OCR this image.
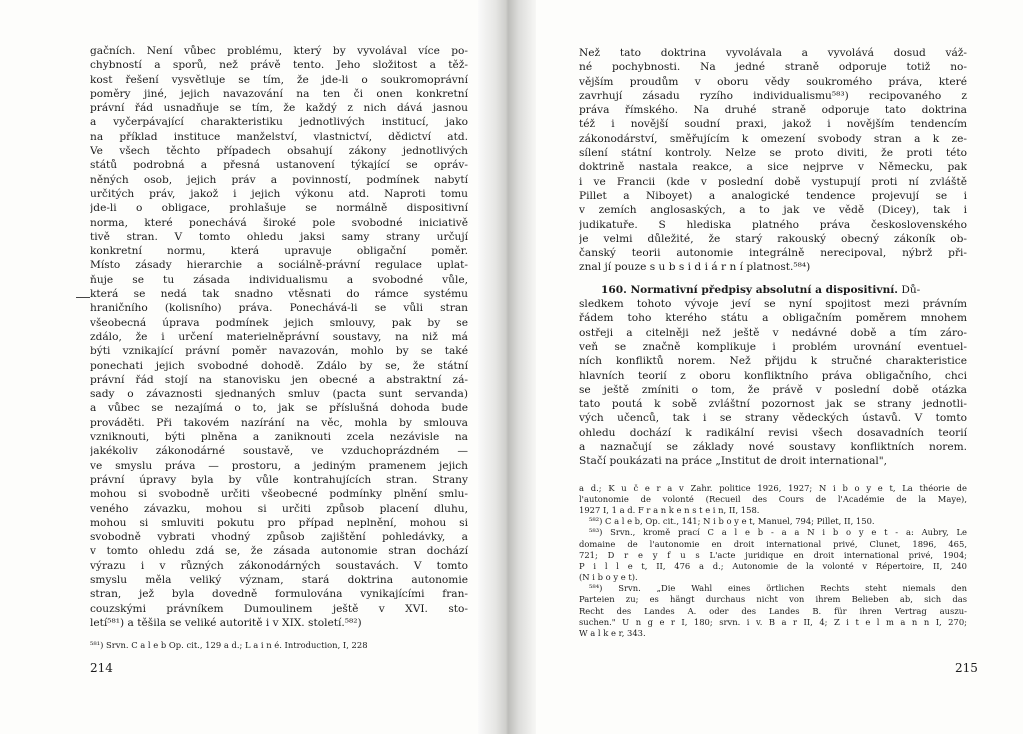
gačních. Není vůbec problému, který by vyvolával více po-
chybností a sporů, než právě tento. Jeho složitost a těž-
kost řešení vysvětluje se tím, že jde-li o soukromoprávní
poměry jiné, jejich navazování na ten či onen konkretní
právní řád usnadňuje se tím, že každý z nich dává jasnou
a vyčerpávající charakteristiku jednotlivých institucí, jako
na příklad instituce manželství, vlastnictví, dědictví atd.
Ve všech těchto případech obsahují zákony jednotlivých
států podrobná a přesná ustanovení týkající se opráv-
něných osob, jejich práv a povinností, podmínek nabytí
určitých práv, jakož i jejich výkonu atd. Naproti tomu
jde-li o obligace, prohlašuje se normálně dispositivní
norma, které ponechává široké pole svobodné iniciativě
tivě stran. V tomto ohledu jaksi samy strany určují
konkretní normu, která upravuje obligační poměr.
Místo zásady hierarchie a sociálně-právní regulace uplat-
ňuje se tu zásada individualismu a svobodné vůle,
která se nedá tak snadno vtěsnati do rámce systému
hraničního (kolisního) práva. Ponechává-li se vůli stran
všeobecná úprava podmínek jejich smlouvy, pak by se
zdálo, že i určení materielněprávní soustavy, na niž má
býti vznikající právní poměr navazován, mohlo by se také
ponechati jejich svobodné dohodě. Zdálo by se, že státní
právní řád stojí na stanovisku jen obecné a abstraktní zá-
sady o závaznosti sjednaných smluv (pacta sunt servanda)
a vůbec se nezajímá o to, jak se příslušná dohoda bude
prováděti. Při takovém nazírání na věc, mohla by smlouva
vzniknouti, býti plněna a zaniknouti zcela nezávisle na
jakékoliv zákonodárné soustavě, ve vzduchoprázdném —
ve smyslu práva — prostoru, a jediným pramenem jejich
právní úpravy byla by vůle kontrahujících stran. Strany
mohou si svobodně určiti všeobecné podmínky plnění smlu-
veného závazku, mohou si určiti způsob placení dluhu,
mohou si smluviti pokutu pro případ neplnění, mohou si
svobodně vybrati vhodný způsob zajištění pohledávky, a
v tomto ohledu zdá se, že zásada autonomie stran dochází
výrazu i v různých zákonodárných soustavách. V tomto
smyslu měla veliký význam, stará doktrina autonomie
stran, jež byla dovedně formulována vynikajícími fran-
couzskými právníkem Dumoulinem ještě v XVI. sto-
letí⁵⁸¹) a těšila se veliké autoritě i v XIX. století.⁵⁸²)
⁵⁸¹) Srvn. C a l e b Op. cit., 129 a d.; L a i n é. Introduction, I, 228
214
Než tato doktrina vyvolávala a vyvolává dosud váž-
né pochybnosti. Na jedné straně odporuje totiž no-
vějším proudům v oboru vědy soukromého práva, které
zavrhují zásadu ryzího individualismu⁵⁸³) recipovaného z
práva římského. Na druhé straně odporuje tato doktrina
též i novější soudní praxi, jakož i novějším tendencím
zákonodárství, směřujícím k omezení svobody stran a k ze-
sílení státní kontroly. Nelze se proto diviti, že proti této
doktrině nastala reakce, a sice nejprve v Německu, pak
i ve Francii (kde v poslední době vystupují proti ní zvláště
Pillet a Niboyet) a analogické tendence projevují se i
v zemích anglosaských, a to jak ve vědě (Dicey), tak i
judikatuře. S hlediska platného práva československého
je velmi důležité, že starý rakouský obecný zákoník ob-
čanský teorii autonomie integrálně nerecipoval, nýbrž při-
znal jí pouze s u b s i d i á r n í platnost.⁵⁸⁴)
160. Normativní předpisy absolutní a dispositivní. Dů-
sledkem tohoto vývoje jeví se nyní spojitost mezi právním
řádem toho kterého státu a obligačním poměrem mnohem
ostřeji a citelněji než ještě v nedávné době a tím záro-
veň se značně komplikuje i problém urovnání eventuel-
ních konfliktů norem. Než přijdu k stručné charakteristice
hlavních teorií z oboru konfliktního práva obligačního, chci
se ještě zmíniti o tom, že právě v poslední době otázka
tato poutá k sobě zvláštní pozornost jak se strany jednotli-
vých učenců, tak i se strany vědeckých ústavů. V tomto
ohledu dochází k radikální revisi všech dosavadních teorií
a naznačují se základy nové soustavy konfliktních norem.
Stačí poukázati na práce „Institut de droit international",
a d.; K u č e r a v Zahr. politice 1926, 1927; N i b o y e t, La théorie de
l'autonomie de volonté (Recueil des Cours de l'Académie de la Maye),
1927 I, 1 a d. F r a n k e n s t e i n, II, 158.
⁵⁸²) C a l e b, Op. cit., 141; N i b o y e t, Manuel, 794; Pillet, II, 150.
⁵⁸³) Srvn., kromě prací C a l e b - a a N i b o y e t - a: Aubry, Le
domaine de l'autonomie en droit international privé, Clunet, 1896, 465,
721; D r e y f u s L'acte juridique en droit international privé, 1904;
P i l l e t, II, 476 a d.; Autonomie de la volonté v Répertoire, II, 240
(N i b o y e t).
⁵⁸⁴) Srvn. „Die Wahl eines örtlichen Rechts steht niemals den
Parteien zu; es hängt durchaus nicht von ihrem Belieben ab, sich das
Recht des Landes A. oder des Landes B. für ihren Vertrag auszu-
suchen." U n g e r I, 180; srvn. i v. B a r II, 4; Z i t e l m a n n I, 270;
W a l k e r, 343.
215
